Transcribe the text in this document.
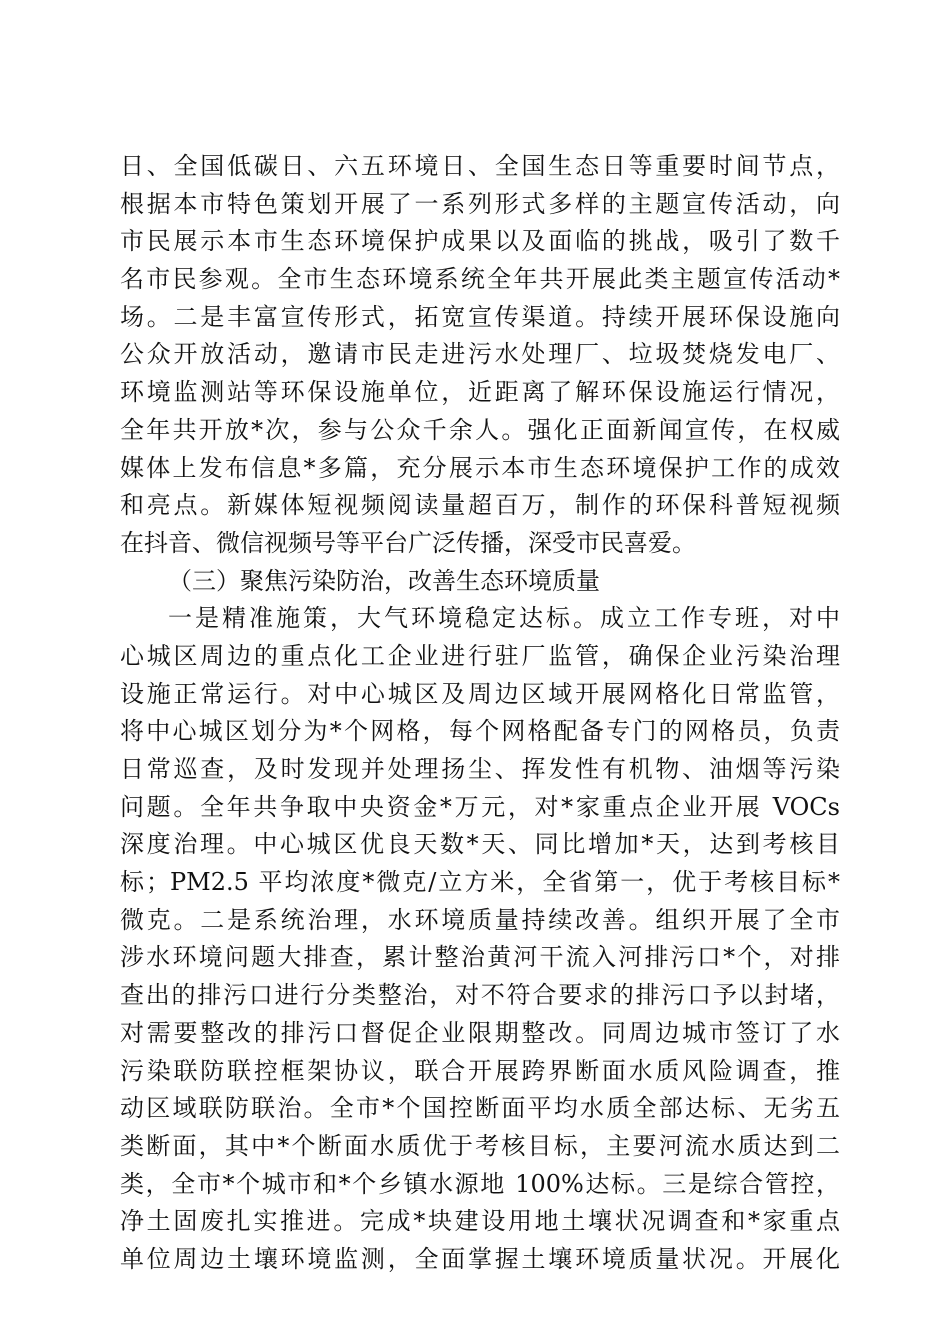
日、全国低碳日、六五环境日、全国生态日等重要时间节点，
根据本市特色策划开展了一系列形式多样的主题宣传活动，向
市民展示本市生态环境保护成果以及面临的挑战，吸引了数千
名市民参观。全市生态环境系统全年共开展此类主题宣传活动*
场。二是丰富宣传形式，拓宽宣传渠道。持续开展环保设施向
公众开放活动，邀请市民走进污水处理厂、垃圾焚烧发电厂、
环境监测站等环保设施单位，近距离了解环保设施运行情况，
全年共开放*次，参与公众千余人。强化正面新闻宣传，在权威
媒体上发布信息*多篇，充分展示本市生态环境保护工作的成效
和亮点。新媒体短视频阅读量超百万，制作的环保科普短视频
在抖音、微信视频号等平台广泛传播，深受市民喜爱。
（三）聚焦污染防治，改善生态环境质量
一是精准施策，大气环境稳定达标。成立工作专班，对中
心城区周边的重点化工企业进行驻厂监管，确保企业污染治理
设施正常运行。对中心城区及周边区域开展网格化日常监管，
将中心城区划分为*个网格，每个网格配备专门的网格员，负责
日常巡查，及时发现并处理扬尘、挥发性有机物、油烟等污染
问题。全年共争取中央资金*万元，对*家重点企业开展 VOCs
深度治理。中心城区优良天数*天、同比增加*天，达到考核目
标；PM2.5 平均浓度*微克/立方米，全省第一，优于考核目标*
微克。二是系统治理，水环境质量持续改善。组织开展了全市
涉水环境问题大排查，累计整治黄河干流入河排污口*个，对排
查出的排污口进行分类整治，对不符合要求的排污口予以封堵，
对需要整改的排污口督促企业限期整改。同周边城市签订了水
污染联防联控框架协议，联合开展跨界断面水质风险调查，推
动区域联防联治。全市*个国控断面平均水质全部达标、无劣五
类断面，其中*个断面水质优于考核目标，主要河流水质达到二
类，全市*个城市和*个乡镇水源地 100%达标。三是综合管控，
净土固废扎实推进。完成*块建设用地土壤状况调查和*家重点
单位周边土壤环境监测，全面掌握土壤环境质量状况。开展化
